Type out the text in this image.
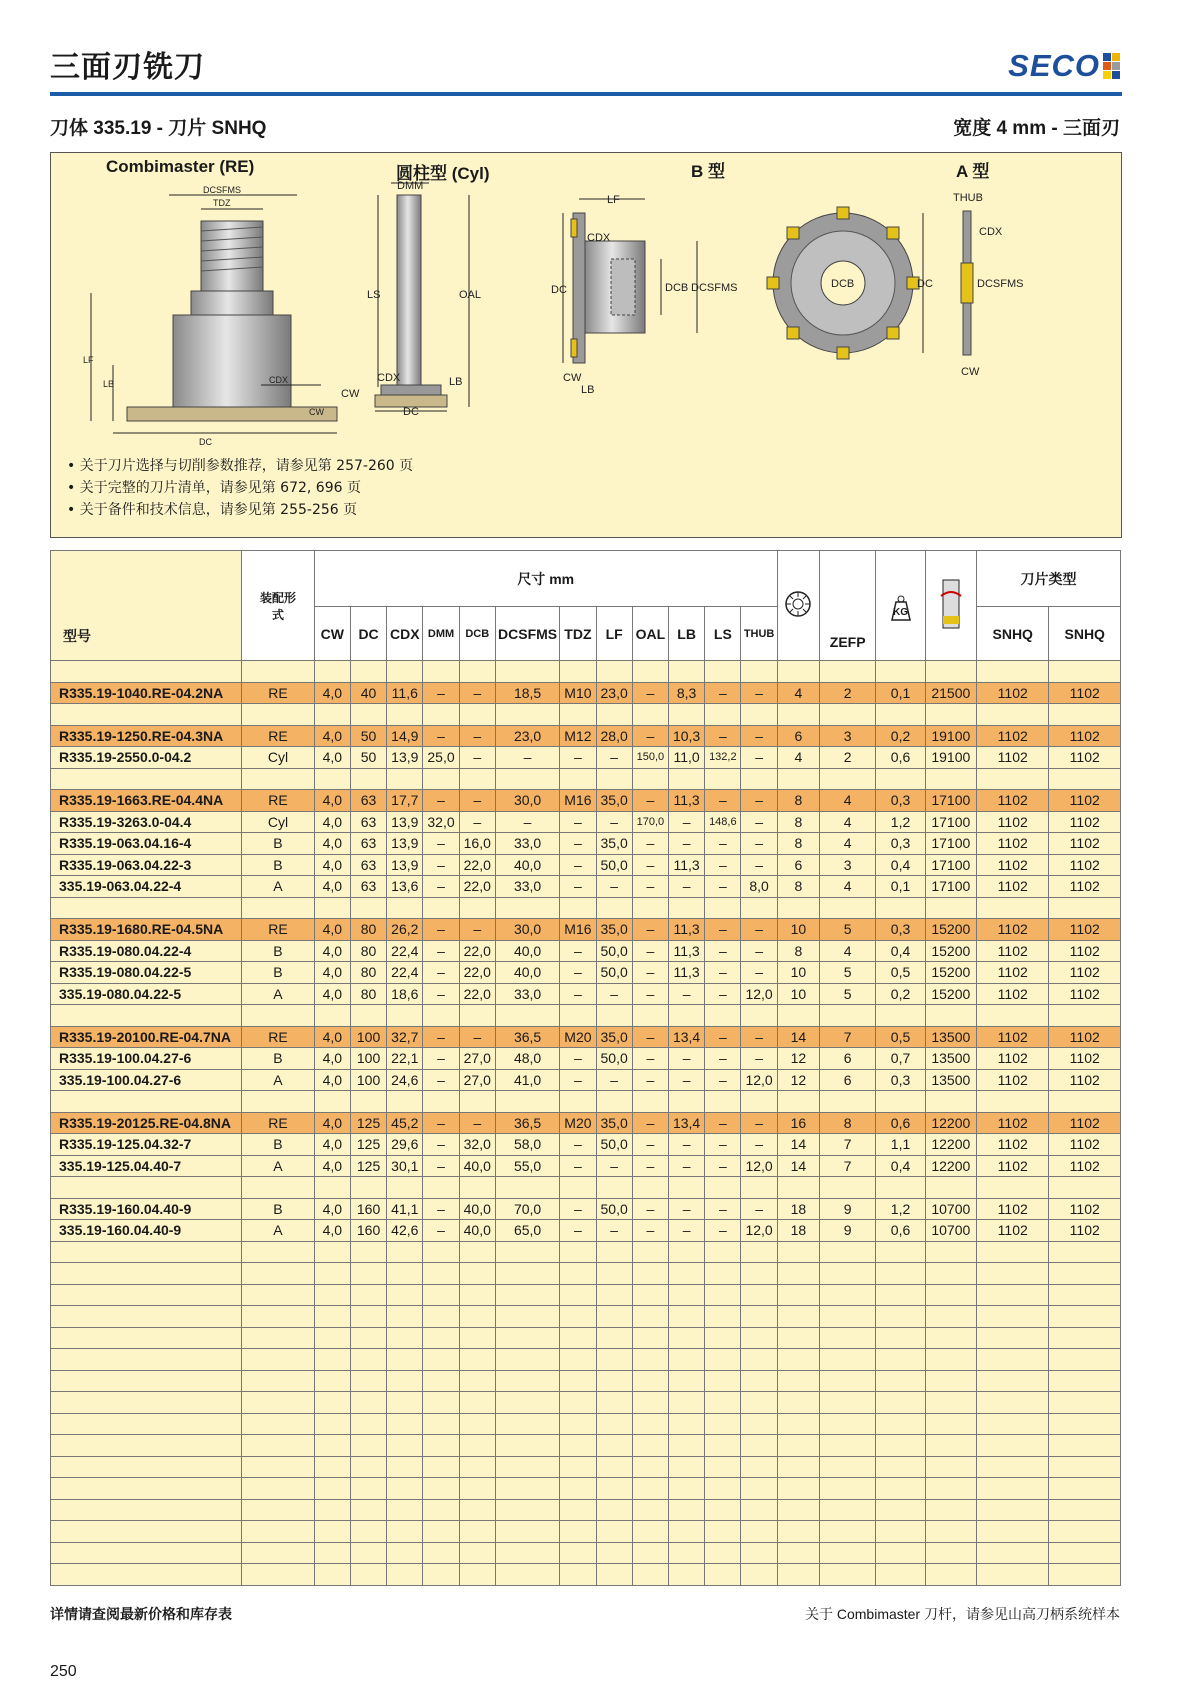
三面刃铣刀	SECO
刀体 335.19 - 刀片 SNHQ	宽度 4 mm - 三面刃
Combimaster (RE)	圆柱型 (Cyl)	B 型	A 型
DCSFMS
TDZ
LF
LB	CDX
CW
DC
DMM
LS	OAL
CDX	LB
CW
DC
LF
CDX
DC	DCB DCSFMS
CW
LB
DCB	DC
THUB
CDX
DCSFMS
CW
• 关于刀片选择与切削参数推荐，请参见第 257-260 页
• 关于完整的刀片清单，请参见第 672, 696 页
• 关于备件和技术信息，请参见第 255-256 页
型号	装配形式	尺寸 mm													ZEFP	KG		刀片类型	
		CW	DC	CDX	DMM	DCB	DCSFMS	TDZ	LF	OAL	LB	LS	THUB					SNHQ	SNHQ

R335.19-1040.RE-04.2NA	RE	4,0	40	11,6	–	–	18,5	M10	23,0	–	8,3	–	–	4	2	0,1	21500	1102	1102

R335.19-1250.RE-04.3NA	RE	4,0	50	14,9	–	–	23,0	M12	28,0	–	10,3	–	–	6	3	0,2	19100	1102	1102
R335.19-2550.0-04.2	Cyl	4,0	50	13,9	25,0	–	–	–	–	150,0	11,0	132,2	–	4	2	0,6	19100	1102	1102

R335.19-1663.RE-04.4NA	RE	4,0	63	17,7	–	–	30,0	M16	35,0	–	11,3	–	–	8	4	0,3	17100	1102	1102
R335.19-3263.0-04.4	Cyl	4,0	63	13,9	32,0	–	–	–	–	170,0	–	148,6	–	8	4	1,2	17100	1102	1102
R335.19-063.04.16-4	B	4,0	63	13,9	–	16,0	33,0	–	35,0	–	–	–	–	8	4	0,3	17100	1102	1102
R335.19-063.04.22-3	B	4,0	63	13,9	–	22,0	40,0	–	50,0	–	11,3	–	–	6	3	0,4	17100	1102	1102
335.19-063.04.22-4	A	4,0	63	13,6	–	22,0	33,0	–	–	–	–	–	8,0	8	4	0,1	17100	1102	1102

R335.19-1680.RE-04.5NA	RE	4,0	80	26,2	–	–	30,0	M16	35,0	–	11,3	–	–	10	5	0,3	15200	1102	1102
R335.19-080.04.22-4	B	4,0	80	22,4	–	22,0	40,0	–	50,0	–	11,3	–	–	8	4	0,4	15200	1102	1102
R335.19-080.04.22-5	B	4,0	80	22,4	–	22,0	40,0	–	50,0	–	11,3	–	–	10	5	0,5	15200	1102	1102
335.19-080.04.22-5	A	4,0	80	18,6	–	22,0	33,0	–	–	–	–	–	12,0	10	5	0,2	15200	1102	1102

R335.19-20100.RE-04.7NA	RE	4,0	100	32,7	–	–	36,5	M20	35,0	–	13,4	–	–	14	7	0,5	13500	1102	1102
R335.19-100.04.27-6	B	4,0	100	22,1	–	27,0	48,0	–	50,0	–	–	–	–	12	6	0,7	13500	1102	1102
335.19-100.04.27-6	A	4,0	100	24,6	–	27,0	41,0	–	–	–	–	–	12,0	12	6	0,3	13500	1102	1102

R335.19-20125.RE-04.8NA	RE	4,0	125	45,2	–	–	36,5	M20	35,0	–	13,4	–	–	16	8	0,6	12200	1102	1102
R335.19-125.04.32-7	B	4,0	125	29,6	–	32,0	58,0	–	50,0	–	–	–	–	14	7	1,1	12200	1102	1102
335.19-125.04.40-7	A	4,0	125	30,1	–	40,0	55,0	–	–	–	–	–	12,0	14	7	0,4	12200	1102	1102

R335.19-160.04.40-9	B	4,0	160	41,1	–	40,0	70,0	–	50,0	–	–	–	–	18	9	1,2	10700	1102	1102
335.19-160.04.40-9	A	4,0	160	42,6	–	40,0	65,0	–	–	–	–	–	12,0	18	9	0,6	10700	1102	1102

详情请查阅最新价格和库存表	关于 Combimaster 刀杆，请参见山高刀柄系统样本
250
